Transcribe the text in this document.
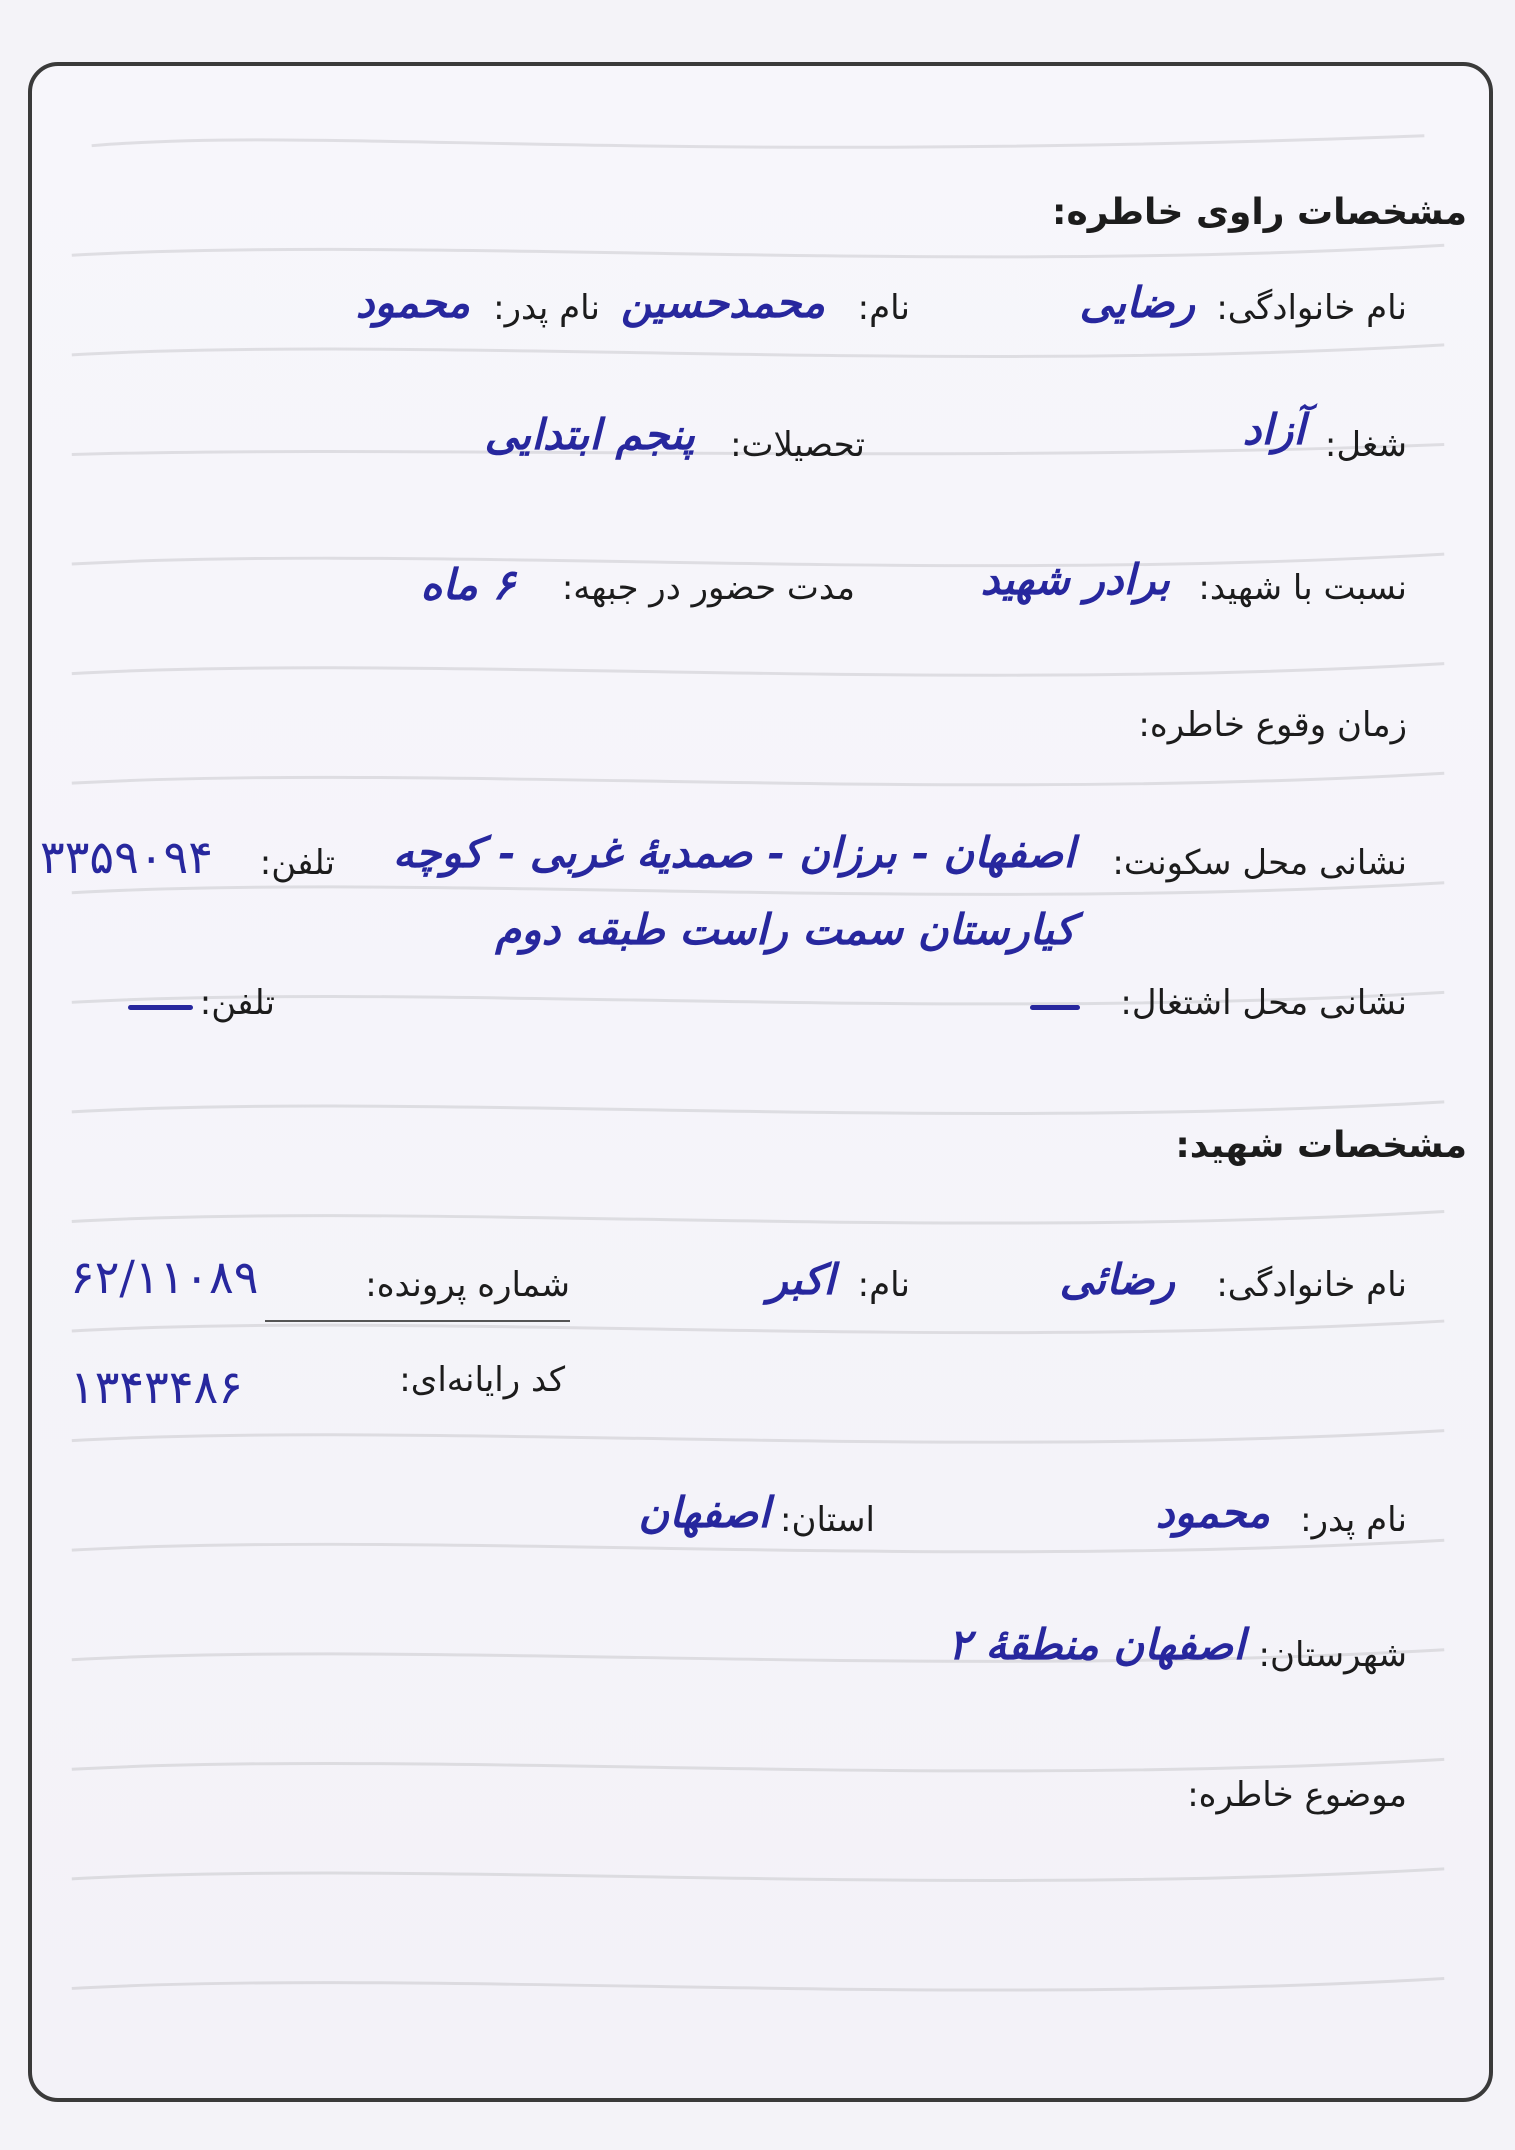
مشخصات راوی خاطره:
نام خانوادگی:
رضایی
نام:
محمدحسین
نام پدر:
محمود
شغل:
آزاد
تحصیلات:
پنجم ابتدایی
نسبت با شهید:
برادر شهید
مدت حضور در جبهه:
۶ ماه
زمان وقوع خاطره:
نشانی محل سکونت:
اصفهان - برزان - صمدیهٔ غربی - کوچه
تلفن:
۳۳۵۹۰۹۴
کیارستان سمت راست طبقه دوم
نشانی محل اشتغال:
تلفن:
مشخصات شهید:
نام خانوادگی:
رضائی
نام:
اکبر
شماره پرونده:
۶۲/۱۱۰۸۹
کد رایانه‌ای:
۱۳۴۳۴۸۶
نام پدر:
محمود
استان:
اصفهان
شهرستان:
اصفهان منطقهٔ ۲
موضوع خاطره:
